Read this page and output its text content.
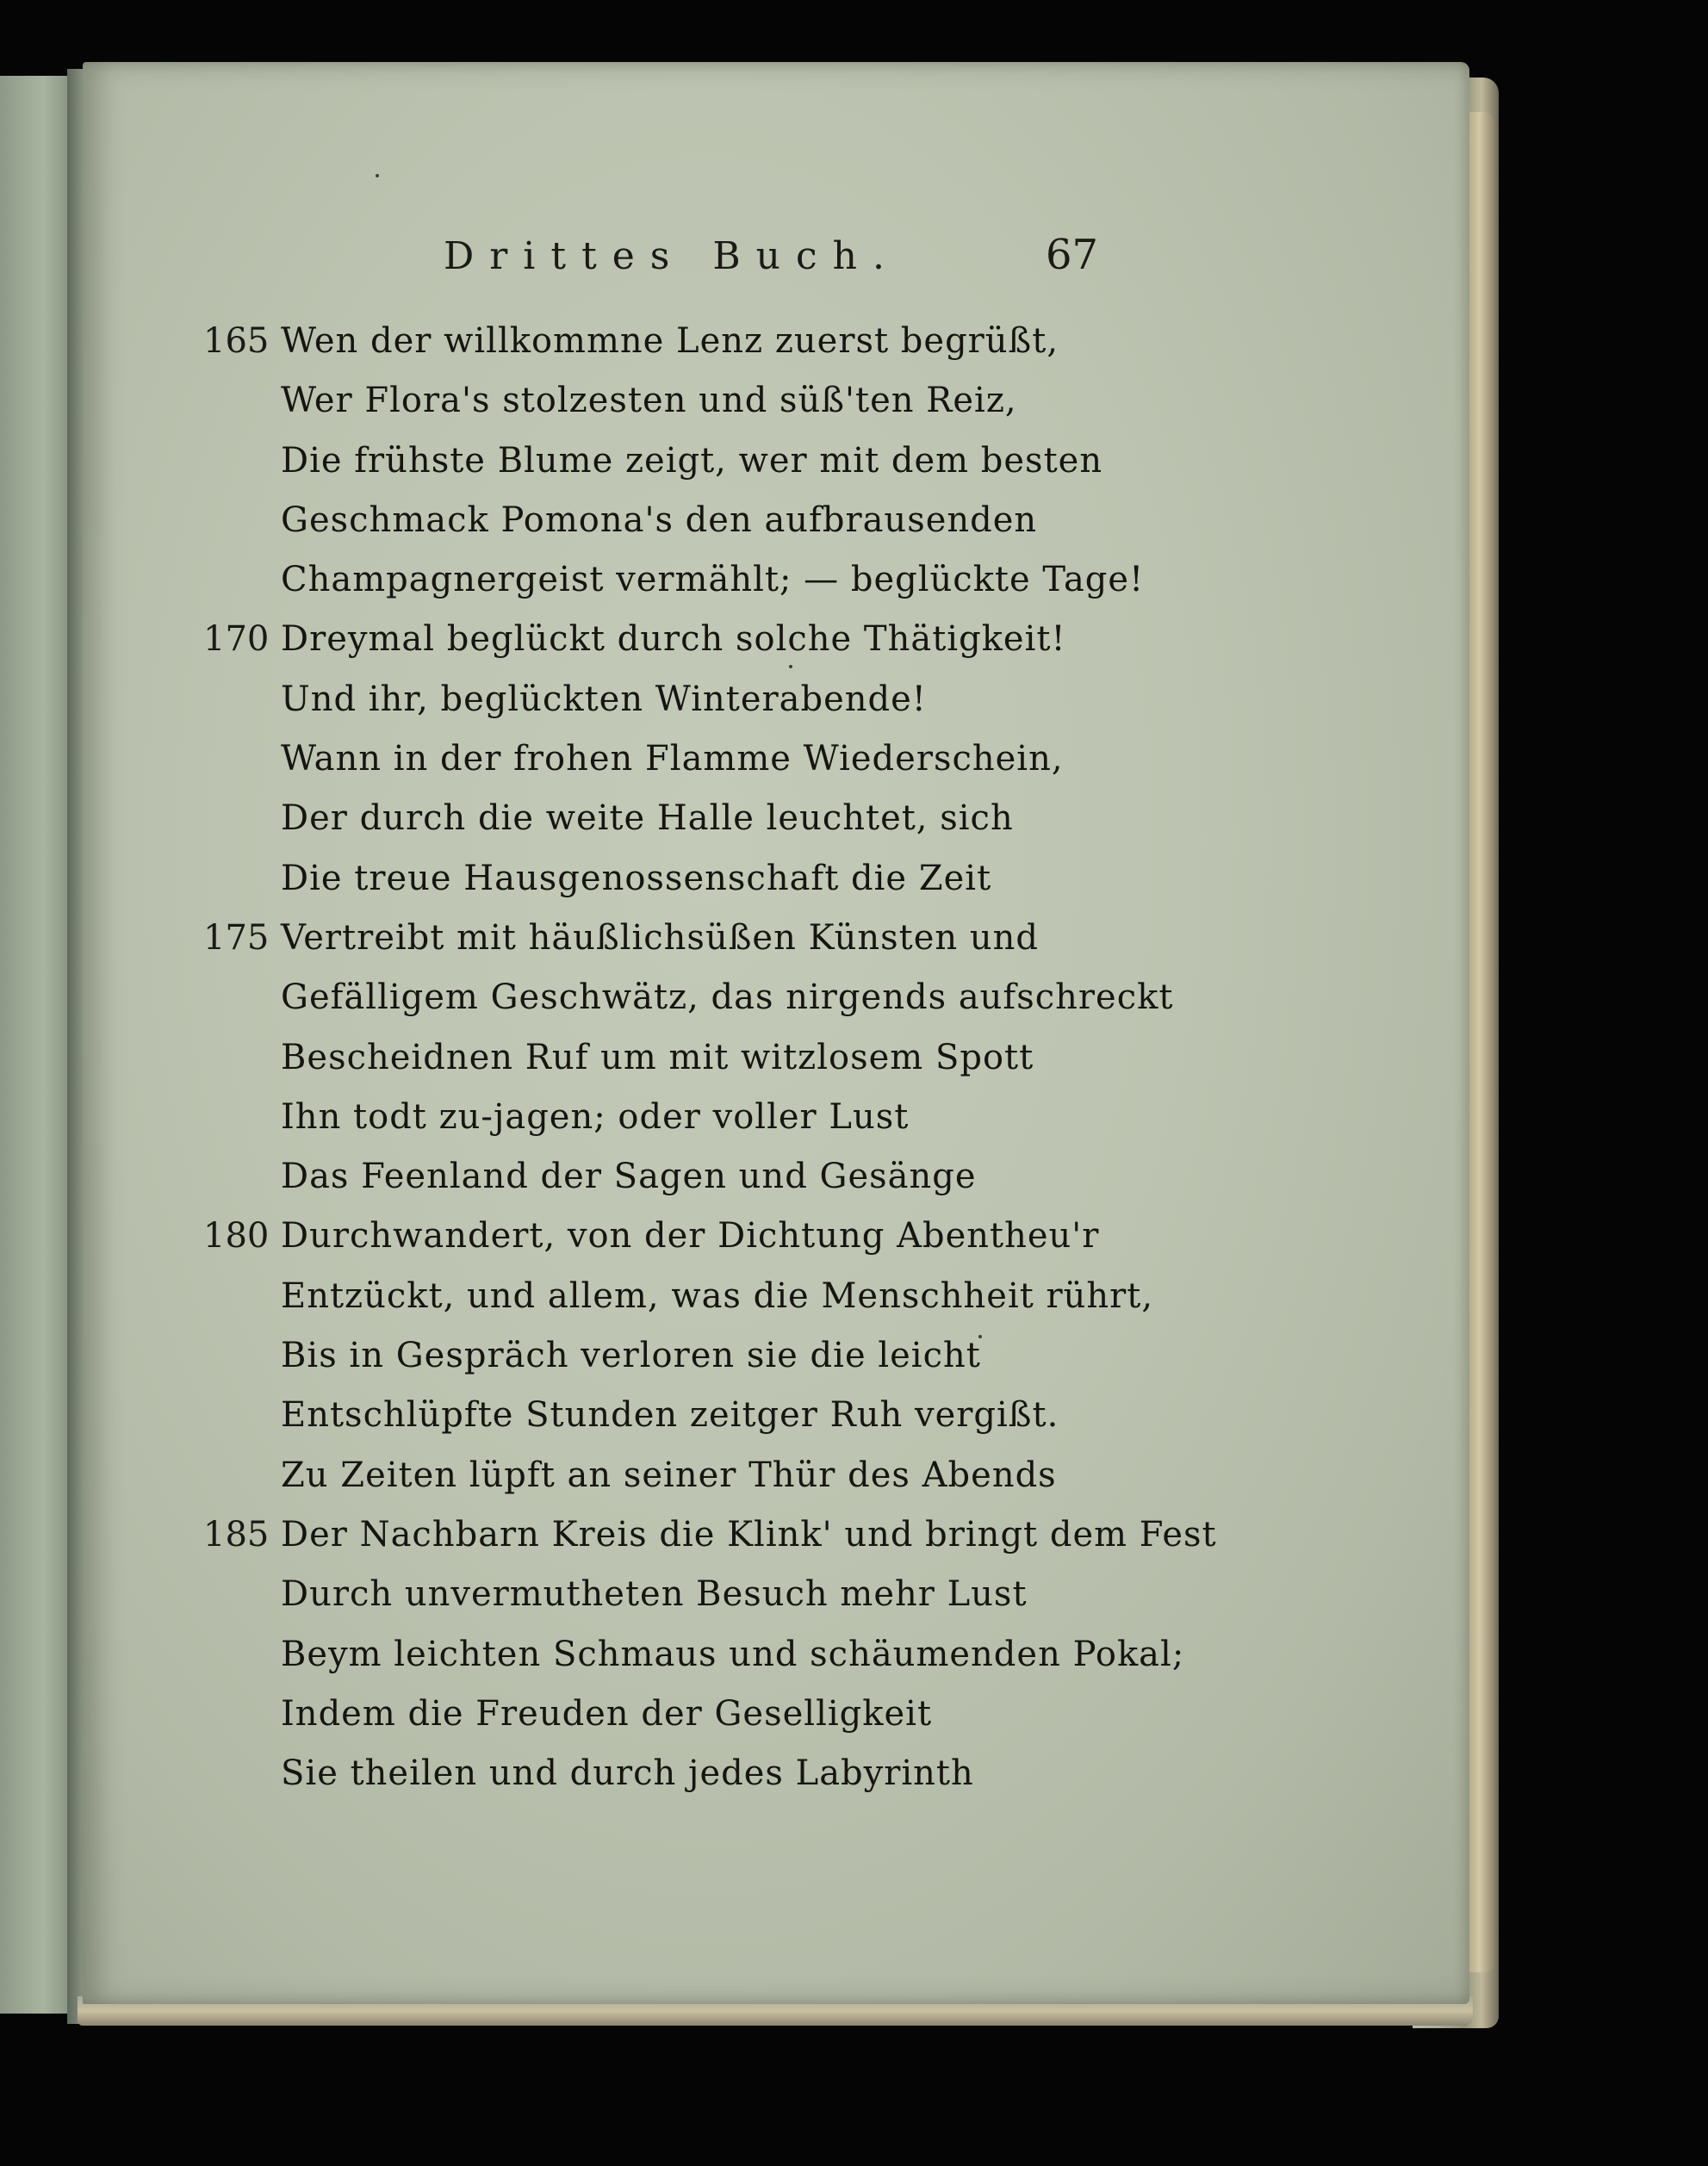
Drittes Buch.	67
165 Wen der willkommne Lenz zuerst begrüßt,
Wer Flora's stolzesten und süß'ten Reiz,
Die frühste Blume zeigt, wer mit dem besten
Geschmack Pomona's den aufbrausenden
Champagnergeist vermählt; — beglückte Tage!
170 Dreymal beglückt durch solche Thätigkeit!
Und ihr, beglückten Winterabende!
Wann in der frohen Flamme Wiederschein,
Der durch die weite Halle leuchtet, sich
Die treue Hausgenossenschaft die Zeit
175 Vertreibt mit häußlichsüßen Künsten und
Gefälligem Geschwätz, das nirgends aufschreckt
Bescheidnen Ruf um mit witzlosem Spott
Ihn todt zu-jagen; oder voller Lust
Das Feenland der Sagen und Gesänge
180 Durchwandert, von der Dichtung Abentheu'r
Entzückt, und allem, was die Menschheit rührt,
Bis in Gespräch verloren sie die leicht
Entschlüpfte Stunden zeitger Ruh vergißt.
Zu Zeiten lüpft an seiner Thür des Abends
185 Der Nachbarn Kreis die Klink' und bringt dem Fest
Durch unvermutheten Besuch mehr Lust
Beym leichten Schmaus und schäumenden Pokal;
Indem die Freuden der Geselligkeit
Sie theilen und durch jedes Labyrinth
